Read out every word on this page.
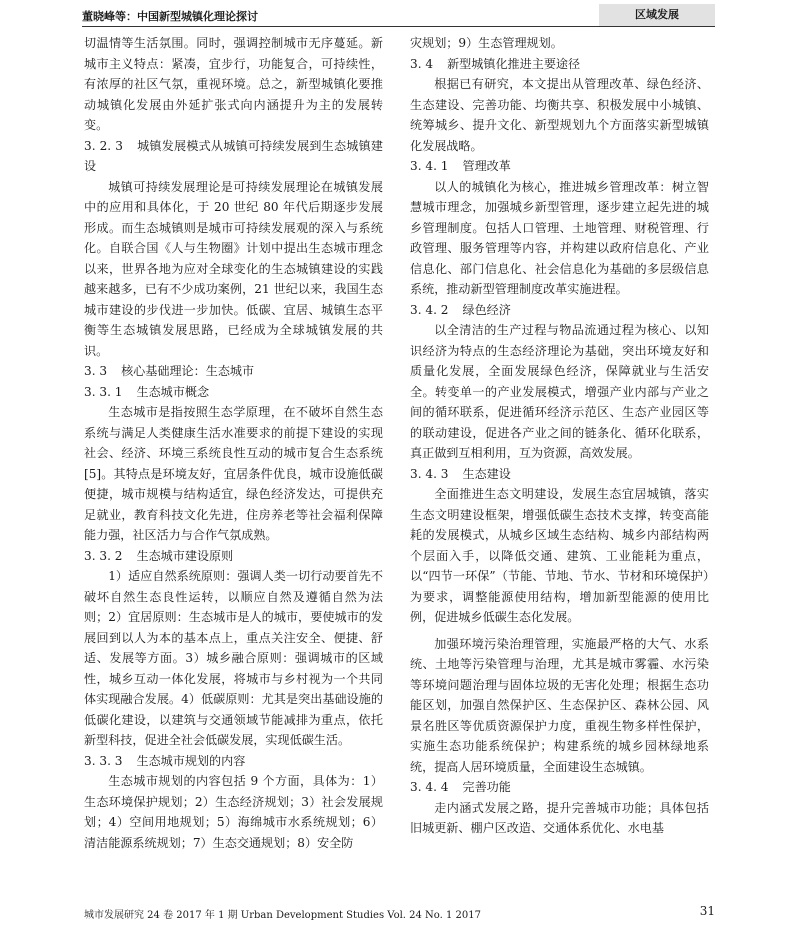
董晓峰等：中国新型城镇化理论探讨	区域发展

切温情等生活氛围。同时，强调控制城市无序蔓延。新城市主义特点：紧凑，宜步行，功能复合，可持续性，有浓厚的社区气氛，重视环境。总之，新型城镇化要推动城镇化发展由外延扩张式向内涵提升为主的发展转变。

3. 2. 3 城镇发展模式从城镇可持续发展到生态城镇建设

城镇可持续发展理论是可持续发展理论在城镇发展中的应用和具体化，于 20 世纪 80 年代后期逐步发展形成。而生态城镇则是城市可持续发展观的深入与系统化。自联合国《人与生物圈》计划中提出生态城市理念以来，世界各地为应对全球变化的生态城镇建设的实践越来越多，已有不少成功案例，21 世纪以来，我国生态城市建设的步伐进一步加快。低碳、宜居、城镇生态平衡等生态城镇发展思路，已经成为全球城镇发展的共识。

3. 3 核心基础理论：生态城市
3. 3. 1 生态城市概念

生态城市是指按照生态学原理，在不破坏自然生态系统与满足人类健康生活水准要求的前提下建设的实现社会、经济、环境三系统良性互动的城市复合生态系统 [5]。其特点是环境友好，宜居条件优良，城市设施低碳便捷，城市规模与结构适宜，绿色经济发达，可提供充足就业，教育科技文化先进，住房养老等社会福利保障能力强，社区活力与合作气氛成熟。

3. 3. 2 生态城市建设原则

1）适应自然系统原则：强调人类一切行动要首先不破坏自然生态良性运转，以顺应自然及遵循自然为法则；2）宜居原则：生态城市是人的城市，要使城市的发展回到以人为本的基本点上，重点关注安全、便捷、舒适、发展等方面。3）城乡融合原则：强调城市的区域性，城乡互动一体化发展，将城市与乡村视为一个共同体实现融合发展。4）低碳原则：尤其是突出基础设施的低碳化建设，以建筑与交通领域节能减排为重点，依托新型科技，促进全社会低碳发展，实现低碳生活。

3. 3. 3 生态城市规划的内容

生态城市规划的内容包括 9 个方面，具体为：1）生态环境保护规划；2）生态经济规划；3）社会发展规划；4）空间用地规划；5）海绵城市水系统规划；6）清洁能源系统规划；7）生态交通规划；8）安全防

灾规划；9）生态管理规划。

3. 4 新型城镇化推进主要途径

根据已有研究，本文提出从管理改革、绿色经济、生态建设、完善功能、均衡共享、积极发展中小城镇、统筹城乡、提升文化、新型规划九个方面落实新型城镇化发展战略。

3. 4. 1 管理改革

以人的城镇化为核心，推进城乡管理改革：树立智慧城市理念，加强城乡新型管理，逐步建立起先进的城乡管理制度。包括人口管理、土地管理、财税管理、行政管理、服务管理等内容，并构建以政府信息化、产业信息化、部门信息化、社会信息化为基础的多层级信息系统，推动新型管理制度改革实施进程。

3. 4. 2 绿色经济

以全清洁的生产过程与物品流通过程为核心、以知识经济为特点的生态经济理论为基础，突出环境友好和质量化发展，全面发展绿色经济，保障就业与生活安全。转变单一的产业发展模式，增强产业内部与产业之间的循环联系，促进循环经济示范区、生态产业园区等的联动建设，促进各产业之间的链条化、循环化联系，真正做到互相利用，互为资源，高效发展。

3. 4. 3 生态建设

全面推进生态文明建设，发展生态宜居城镇，落实生态文明建设框架，增强低碳生态技术支撑，转变高能耗的发展模式，从城乡区域生态结构、城乡内部结构两个层面入手，以降低交通、建筑、工业能耗为重点，以“四节一环保”（节能、节地、节水、节材和环境保护）为要求，调整能源使用结构，增加新型能源的使用比例，促进城乡低碳生态化发展。

加强环境污染治理管理，实施最严格的大气、水系统、土地等污染管理与治理，尤其是城市雾霾、水污染等环境问题治理与固体垃圾的无害化处理；根据生态功能区划，加强自然保护区、生态保护区、森林公园、风景名胜区等优质资源保护力度，重视生物多样性保护，实施生态功能系统保护；构建系统的城乡园林绿地系统，提高人居环境质量，全面建设生态城镇。

3. 4. 4 完善功能

走内涵式发展之路，提升完善城市功能；具体包括旧城更新、棚户区改造、交通体系优化、水电基

城市发展研究 24 卷 2017 年 1 期 Urban Development Studies Vol. 24 No. 1 2017	31
